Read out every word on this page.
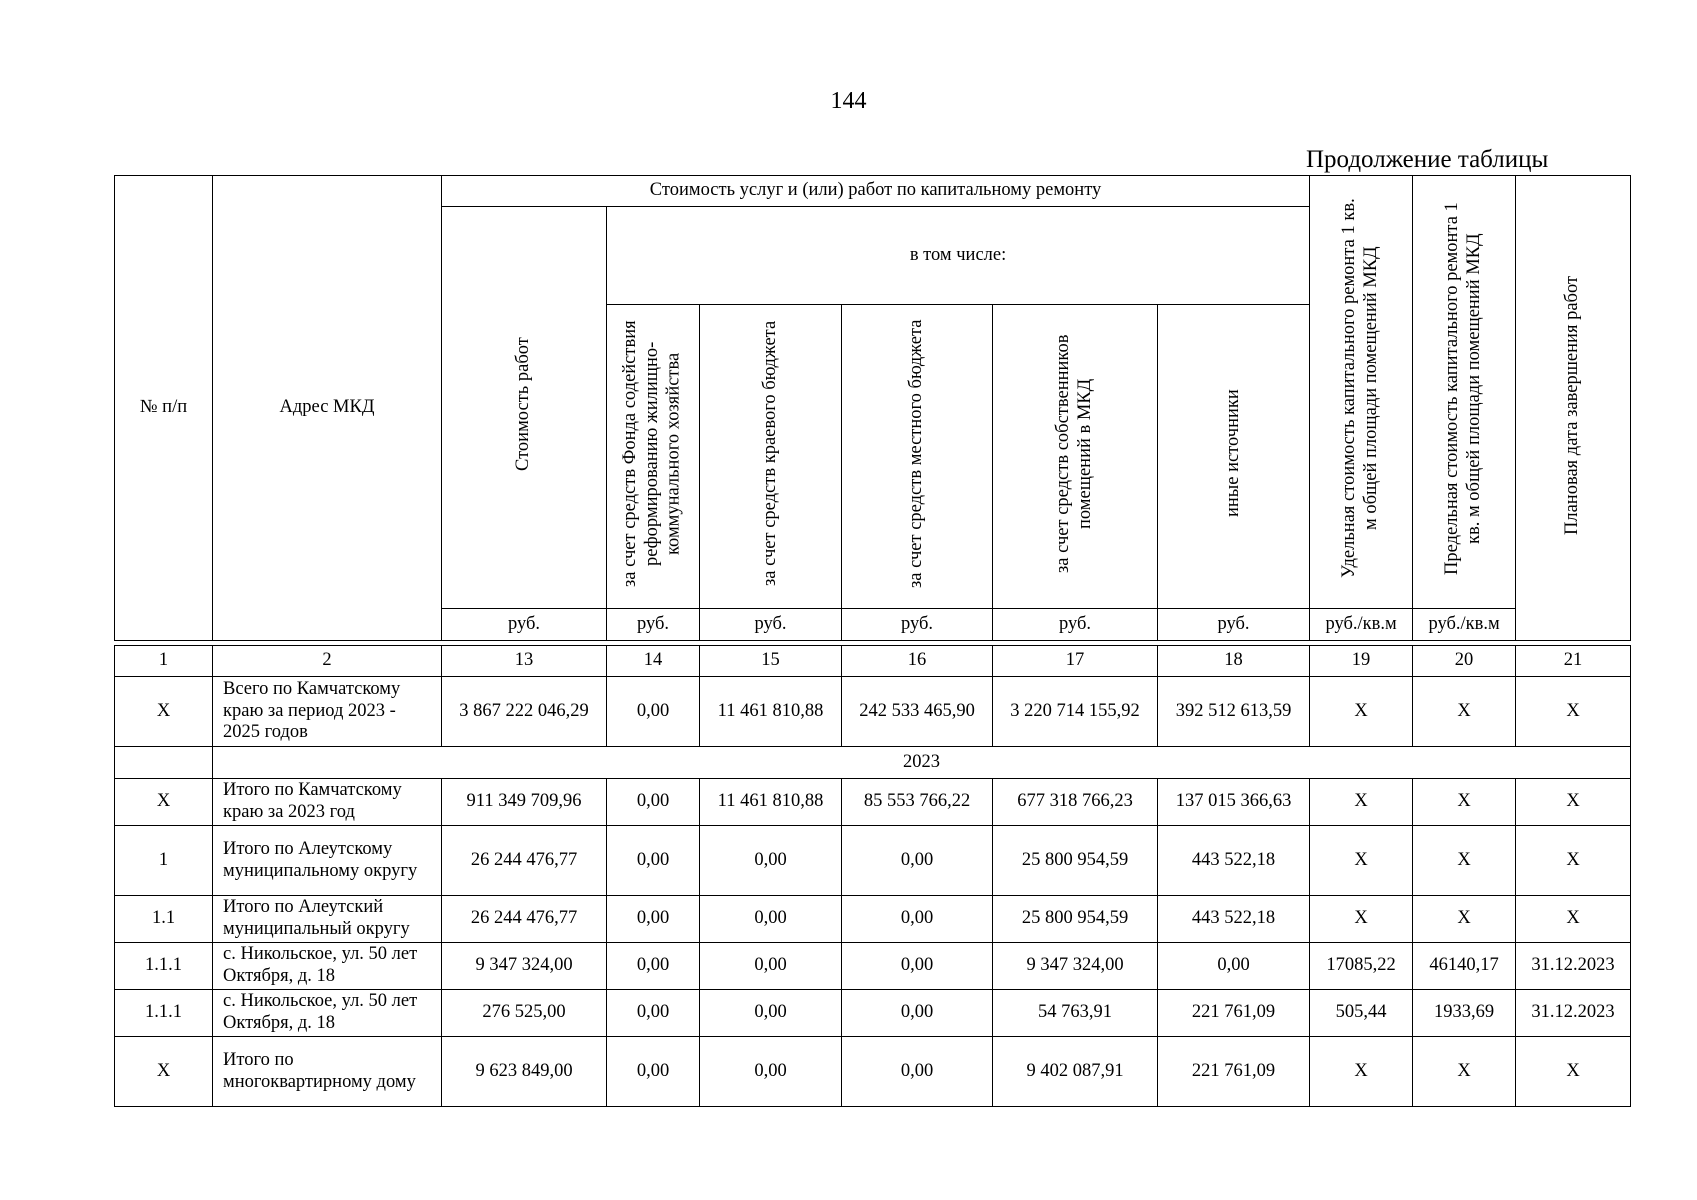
144
Продолжение таблицы
№ п/п	Адрес МКД	Стоимость услуг и (или) работ по капитальному ремонту						Удельная стоимость капитального ремонта 1 кв. м общей площади помещений МКД	Предельная стоимость капитального ремонта 1 кв. м общей площади помещений МКД	Плановая дата завершения работ
		Стоимость работ	в том числе:							
			за счет средств Фонда содействия реформированию жилищно-коммунального хозяйства	за счет средств краевого бюджета	за счет средств местного бюджета	за счет средств собственников помещений в МКД	иные источники			
		руб.	руб.	руб.	руб.	руб.	руб.	руб./кв.м	руб./кв.м	
1	2	13	14	15	16	17	18	19	20	21
X	Всего по Камчатскому краю за период 2023 - 2025 годов	3 867 222 046,29	0,00	11 461 810,88	242 533 465,90	3 220 714 155,92	392 512 613,59	X	X	X
	2023									
X	Итого по Камчатскому краю за 2023 год	911 349 709,96	0,00	11 461 810,88	85 553 766,22	677 318 766,23	137 015 366,63	X	X	X
1	Итого по Алеутскому муниципальному округу	26 244 476,77	0,00	0,00	0,00	25 800 954,59	443 522,18	X	X	X
1.1	Итого по Алеутский муниципальный округу	26 244 476,77	0,00	0,00	0,00	25 800 954,59	443 522,18	X	X	X
1.1.1	с. Никольское, ул. 50 лет Октября, д. 18	9 347 324,00	0,00	0,00	0,00	9 347 324,00	0,00	17085,22	46140,17	31.12.2023
1.1.1	с. Никольское, ул. 50 лет Октября, д. 18	276 525,00	0,00	0,00	0,00	54 763,91	221 761,09	505,44	1933,69	31.12.2023
X	Итого по многоквартирному дому	9 623 849,00	0,00	0,00	0,00	9 402 087,91	221 761,09	X	X	X
